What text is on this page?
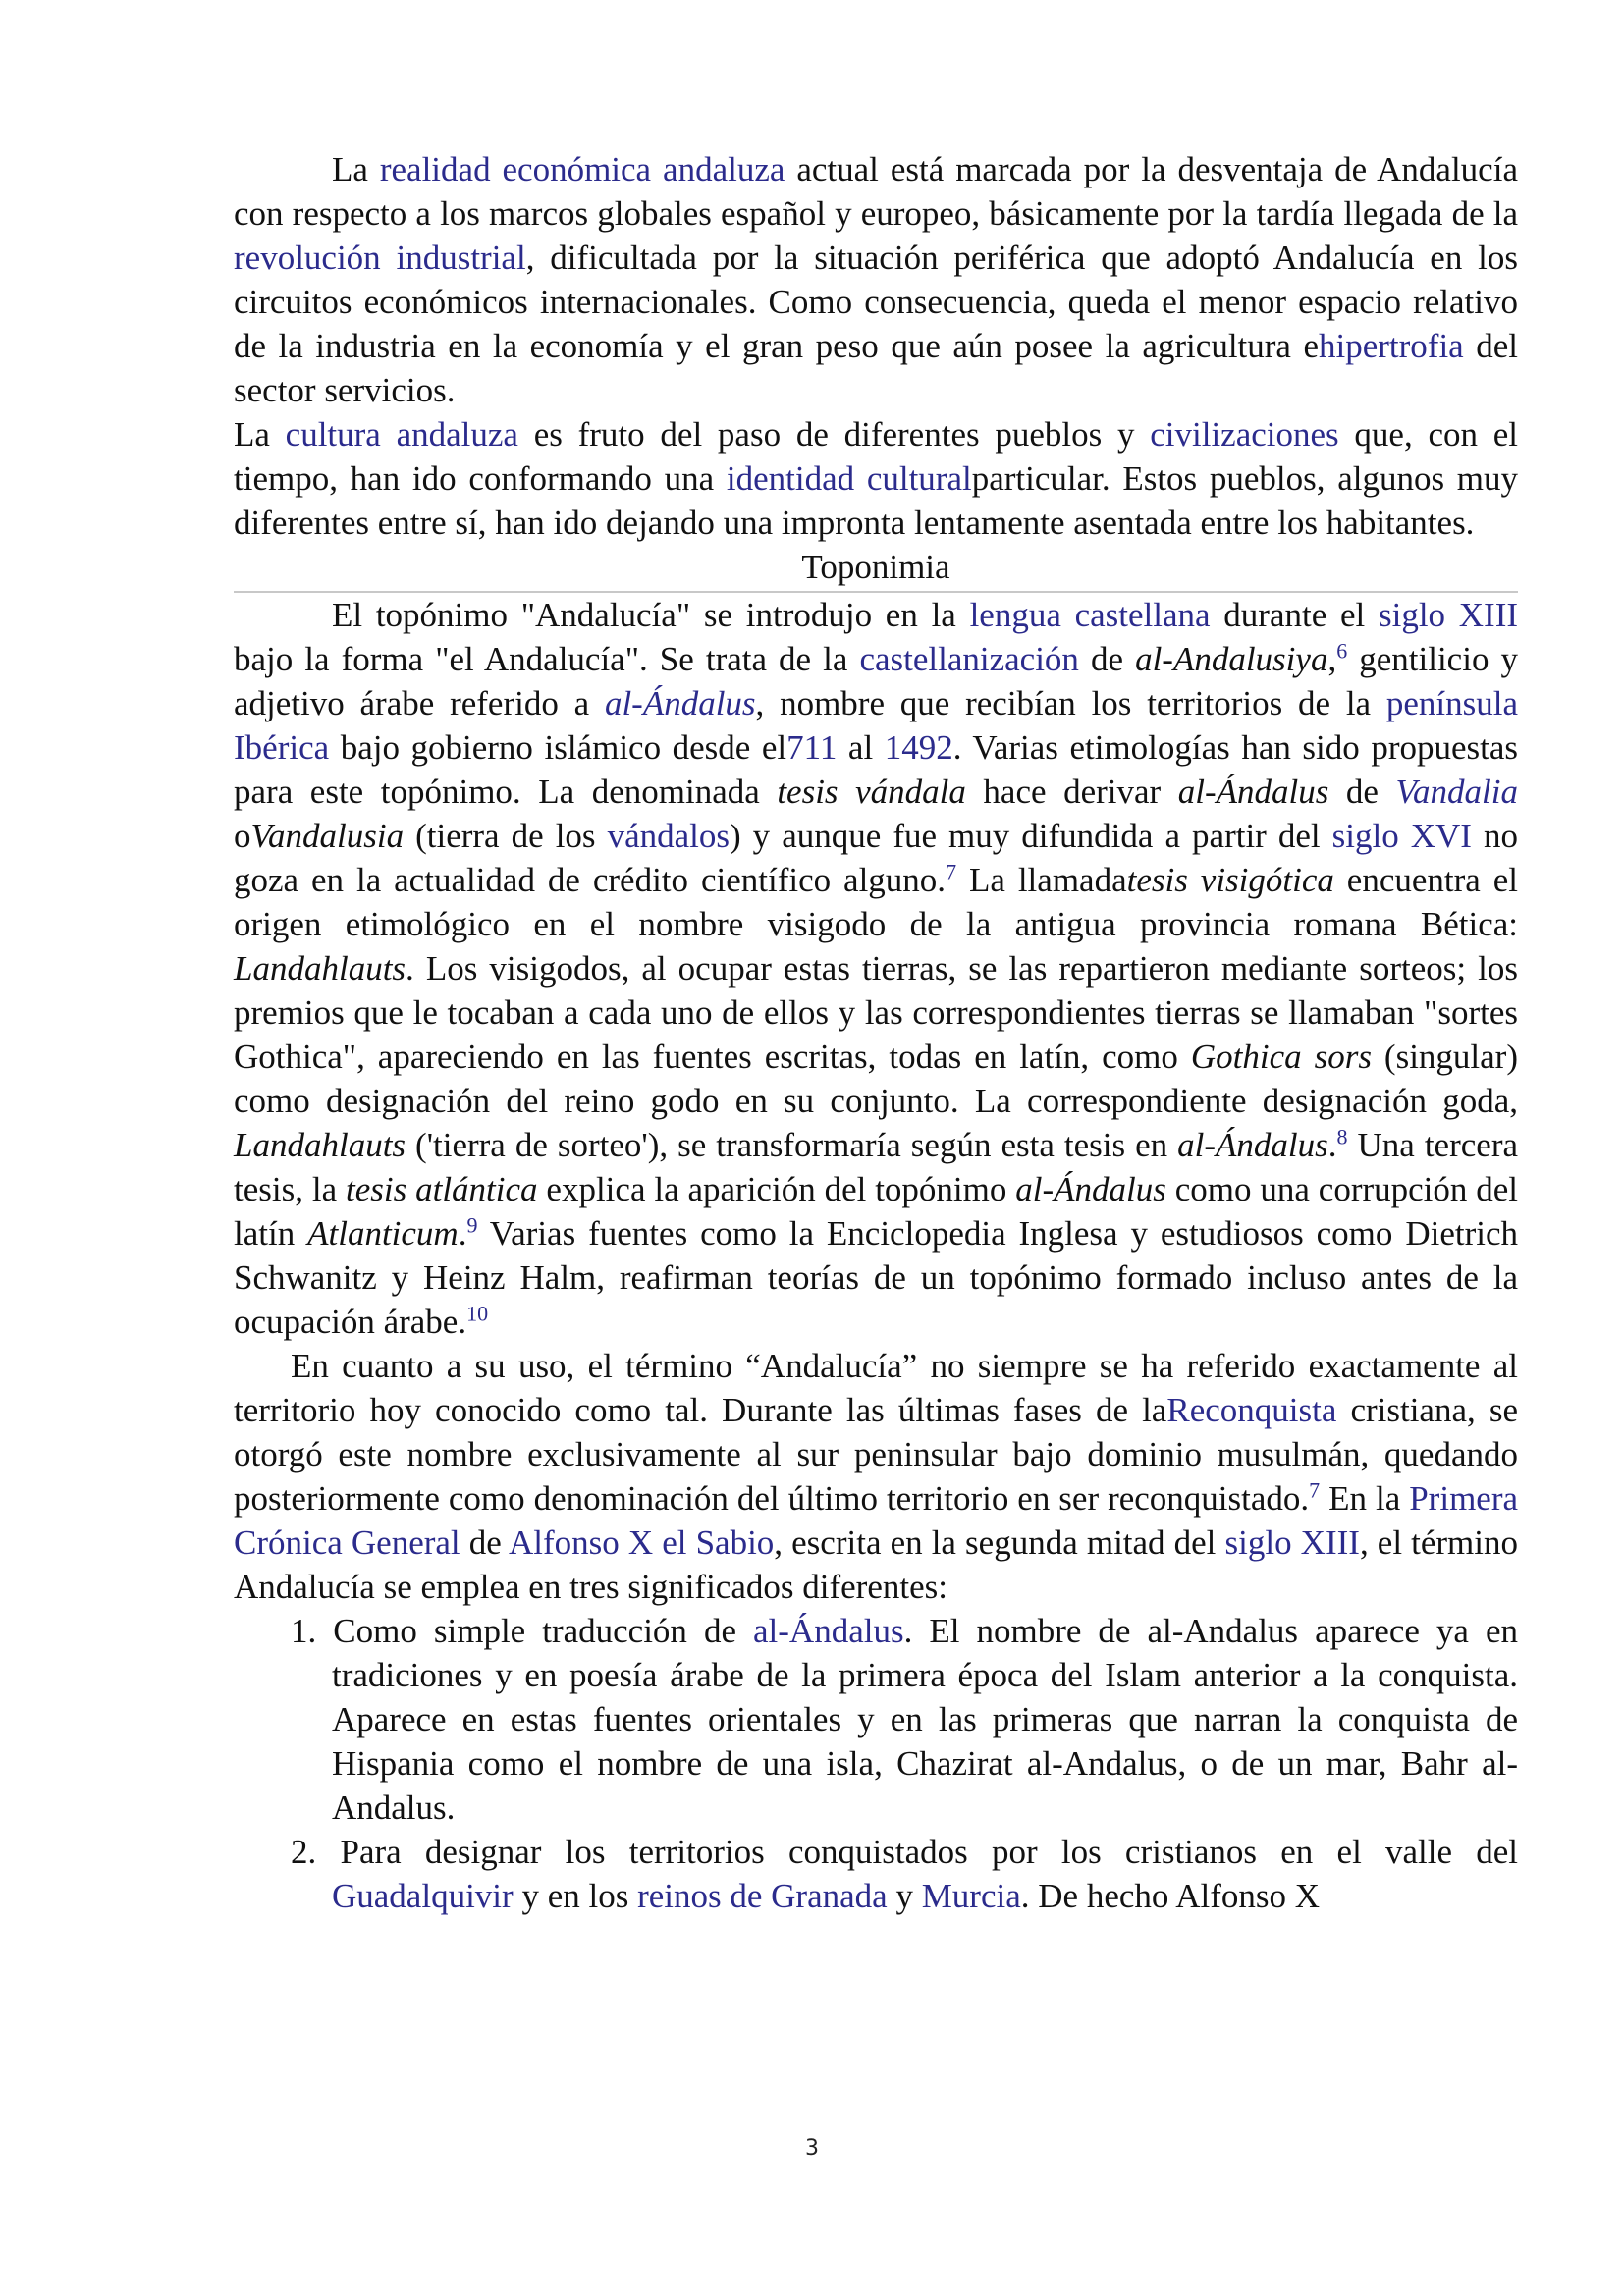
La realidad económica andaluza actual está marcada por la desventaja de Andalucía con respecto a los marcos globales español y europeo, básicamente por la tardía llegada de la revolución industrial, dificultada por la situación periférica que adoptó Andalucía en los circuitos económicos internacionales. Como consecuencia, queda el menor espacio relativo de la industria en la economía y el gran peso que aún posee la agricultura ehipertrofia del sector servicios.

La cultura andaluza es fruto del paso de diferentes pueblos y civilizaciones que, con el tiempo, han ido conformando una identidad culturalparticular. Estos pueblos, algunos muy diferentes entre sí, han ido dejando una impronta lentamente asentada entre los habitantes.

Toponimia

El topónimo "Andalucía" se introdujo en la lengua castellana durante el siglo XIII bajo la forma "el Andalucía". Se trata de la castellanización de al-Andalusiya,$^6$ gentilicio y adjetivo árabe referido a al-Ándalus, nombre que recibían los territorios de la península Ibérica bajo gobierno islámico desde el711 al 1492. Varias etimologías han sido propuestas para este topónimo. La denominada tesis vándala hace derivar al-Ándalus de Vandalia oVandalusia (tierra de los vándalos) y aunque fue muy difundida a partir del siglo XVI no goza en la actualidad de crédito científico alguno.$^7$ La llamadatesis visigótica encuentra el origen etimológico en el nombre visigodo de la antigua provincia romana Bética: Landahlauts. Los visigodos, al ocupar estas tierras, se las repartieron mediante sorteos; los premios que le tocaban a cada uno de ellos y las correspondientes tierras se llamaban "sortes Gothica", apareciendo en las fuentes escritas, todas en latín, como Gothica sors (singular) como designación del reino godo en su conjunto. La correspondiente designación goda, Landahlauts ('tierra de sorteo'), se transformaría según esta tesis en al-Ándalus.$^8$ Una tercera tesis, la tesis atlántica explica la aparición del topónimo al-Ándalus como una corrupción del latín Atlanticum.$^9$ Varias fuentes como la Enciclopedia Inglesa y estudiosos como Dietrich Schwanitz y Heinz Halm, reafirman teorías de un topónimo formado incluso antes de la ocupación árabe.$^{10}$

En cuanto a su uso, el término “Andalucía” no siempre se ha referido exactamente al territorio hoy conocido como tal. Durante las últimas fases de laReconquista cristiana, se otorgó este nombre exclusivamente al sur peninsular bajo dominio musulmán, quedando posteriormente como denominación del último territorio en ser reconquistado.$^7$ En la Primera Crónica General de Alfonso X el Sabio, escrita en la segunda mitad del siglo XIII, el término Andalucía se emplea en tres significados diferentes:

1. Como simple traducción de al-Ándalus. El nombre de al-Andalus aparece ya en tradiciones y en poesía árabe de la primera época del Islam anterior a la conquista. Aparece en estas fuentes orientales y en las primeras que narran la conquista de Hispania como el nombre de una isla, Chazirat al-Andalus, o de un mar, Bahr al-Andalus.
2. Para designar los territorios conquistados por los cristianos en el valle del Guadalquivir y en los reinos de Granada y Murcia. De hecho Alfonso X
3
